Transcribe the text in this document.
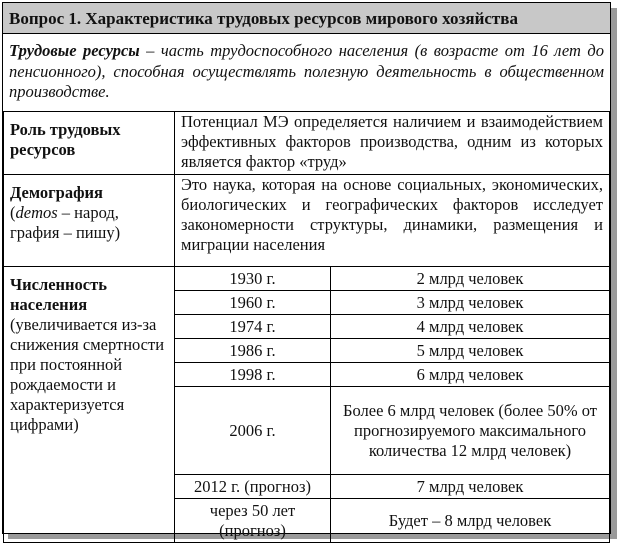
Вопрос 1. Характеристика трудовых ресурсов мирового хозяйства
Трудовые ресурсы – часть трудоспособного населения (в возрасте от 16 лет до пенсионного), способная осуществлять полезную деятельность в общественном производстве.
Роль трудовых ресурсов	Потенциал МЭ определяется наличием и взаимодействием эффективных факторов производства, одним из которых является фактор «труд»	
Демография
(demos – народ, графия – пишу)	Это наука, которая на основе социальных, экономических, биологических и географических факторов исследует закономерности структуры, динамики, размещения и миграции населения	
Численность населения
(увеличивается из-за снижения смертности при постоянной рождаемости и характеризуется цифрами)	1930 г.	2 млрд человек
	1960 г.	3 млрд человек
	1974 г.	4 млрд человек
	1986 г.	5 млрд человек
	1998 г.	6 млрд человек
	2006 г.	Более 6 млрд человек (более 50% от прогнозируемого максимального количества 12 млрд человек)
	2012 г. (прогноз)	7 млрд человек
	через 50 лет (прогноз)	Будет – 8 млрд человек
